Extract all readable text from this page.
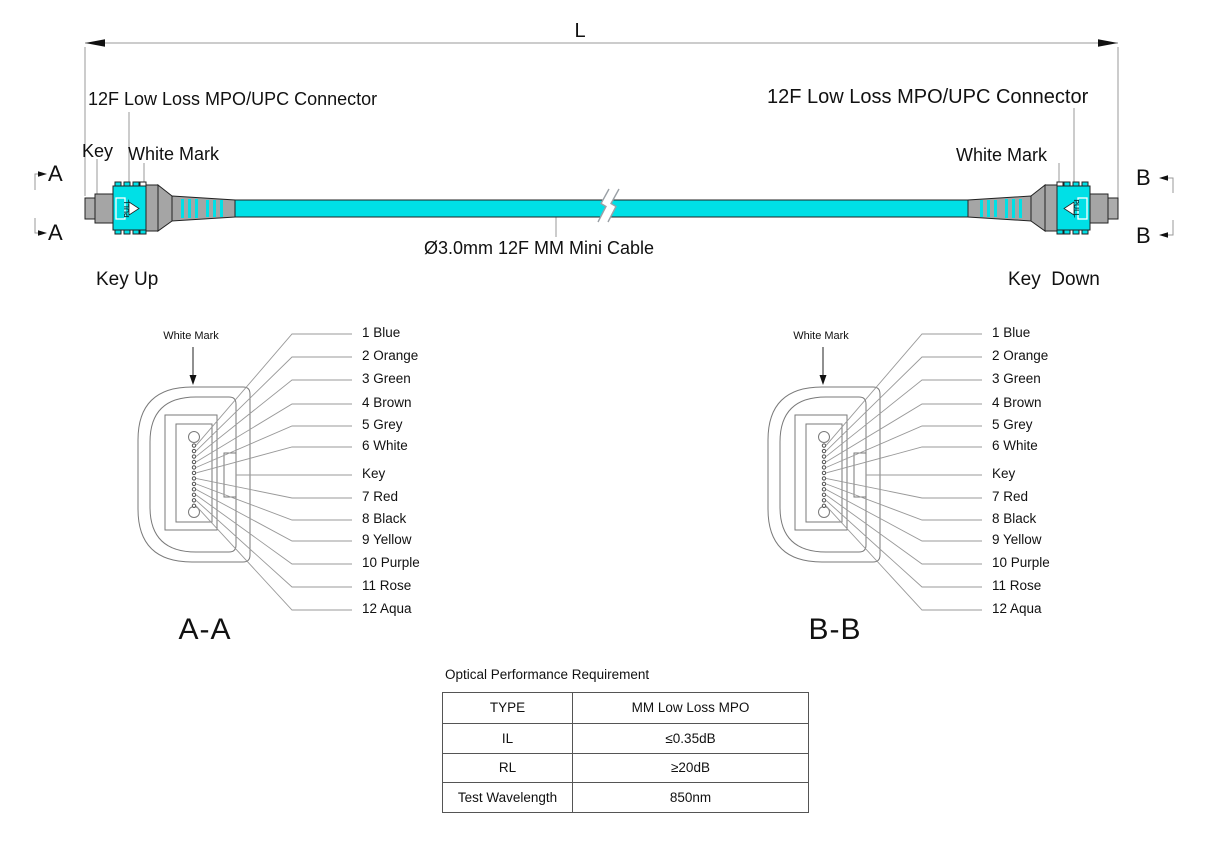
PULL	PULL
L
12F Low Loss MPO/UPC Connector	12F Low Loss MPO/UPC Connector
Key White Mark	White Mark
A
A
B
B
Ø3.0mm 12F MM Mini Cable
Key Up	Key  Down
White Mark	1 Blue
2 Orange
3 Green
4 Brown
5 Grey
6 White
Key
7 Red
8 Black
9 Yellow
10 Purple
11 Rose
12 Aqua
A-A
White Mark	1 Blue
2 Orange
3 Green
4 Brown
5 Grey
6 White
Key
7 Red
8 Black
9 Yellow
10 Purple
11 Rose
12 Aqua
B-B
Optical Performance Requirement
TYPE	MM Low Loss MPO
IL	≤0.35dB
RL	≥20dB
Test Wavelength	850nm
